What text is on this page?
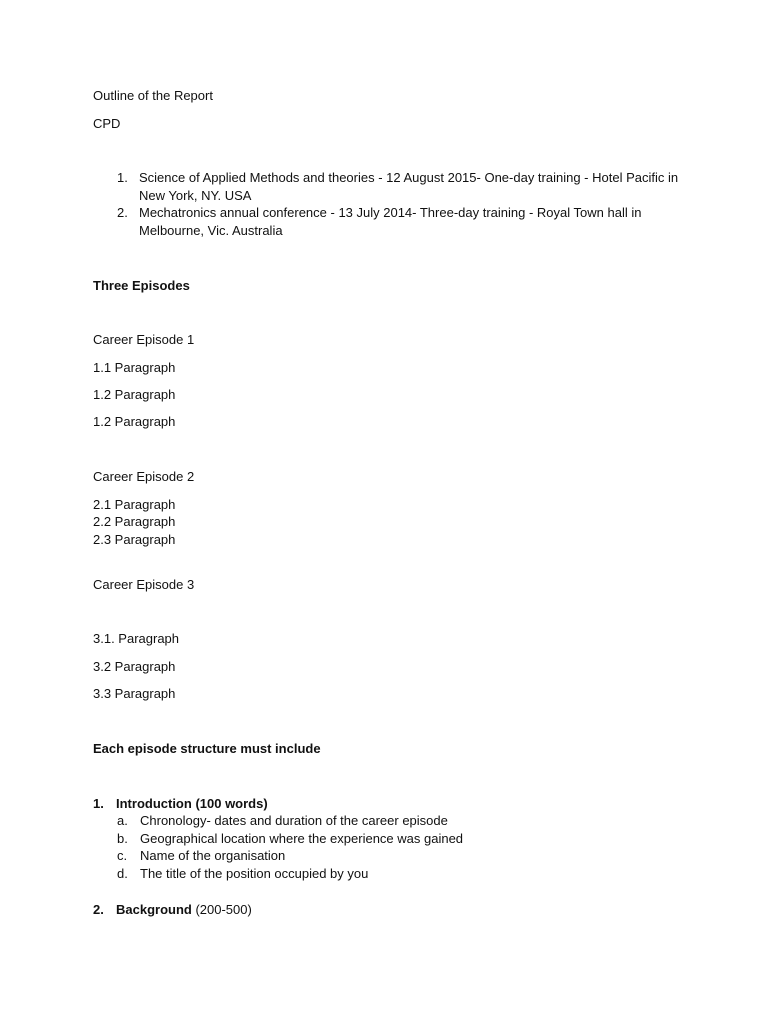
Outline of the Report
CPD
1. Science of Applied Methods and theories - 12 August 2015- One-day training - Hotel Pacific in New York, NY. USA
2. Mechatronics annual conference - 13 July 2014- Three-day training - Royal Town hall in Melbourne, Vic. Australia
Three Episodes
Career Episode 1
1.1 Paragraph
1.2 Paragraph
1.2 Paragraph
Career Episode 2
2.1 Paragraph
2.2 Paragraph
2.3 Paragraph
Career Episode 3
3.1. Paragraph
3.2 Paragraph
3.3 Paragraph
Each episode structure must include
1. Introduction (100 words)
a. Chronology- dates and duration of the career episode
b. Geographical location where the experience was gained
c. Name of the organisation
d. The title of the position occupied by you
2. Background (200-500)
